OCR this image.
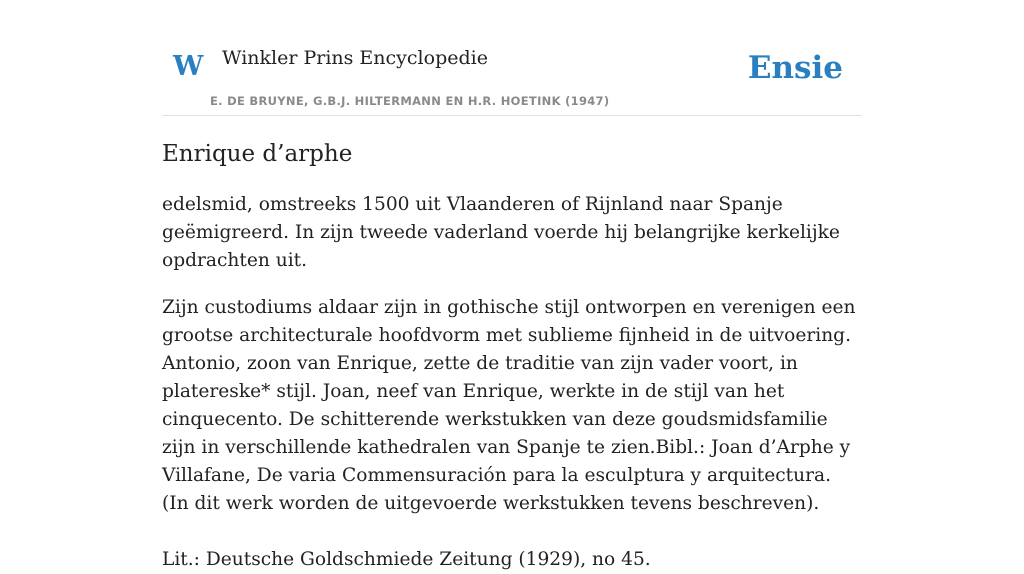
W Winkler Prins Encyclopedie
E. DE BRUYNE, G.B.J. HILTERMANN EN H.R. HOETINK (1947)
Ensie
Enrique d’arphe

edelsmid, omstreeks 1500 uit Vlaanderen of Rijnland naar Spanje geëmigreerd. In zijn tweede vaderland voerde hij belangrijke kerkelijke opdrachten uit.

Zijn custodiums aldaar zijn in gothische stijl ontworpen en verenigen een grootse architecturale hoofdvorm met sublieme fijnheid in de uitvoering. Antonio, zoon van Enrique, zette de traditie van zijn vader voort, in platereske* stijl. Joan, neef van Enrique, werkte in de stijl van het cinquecento. De schitterende werkstukken van deze goudsmidsfamilie zijn in verschillende kathedralen van Spanje te zien.Bibl.: Joan d’Arphe y Villafane, De varia Commensuración para la esculptura y arquitectura. (In dit werk worden de uitgevoerde werkstukken tevens beschreven).

Lit.: Deutsche Goldschmiede Zeitung (1929), no 45.
